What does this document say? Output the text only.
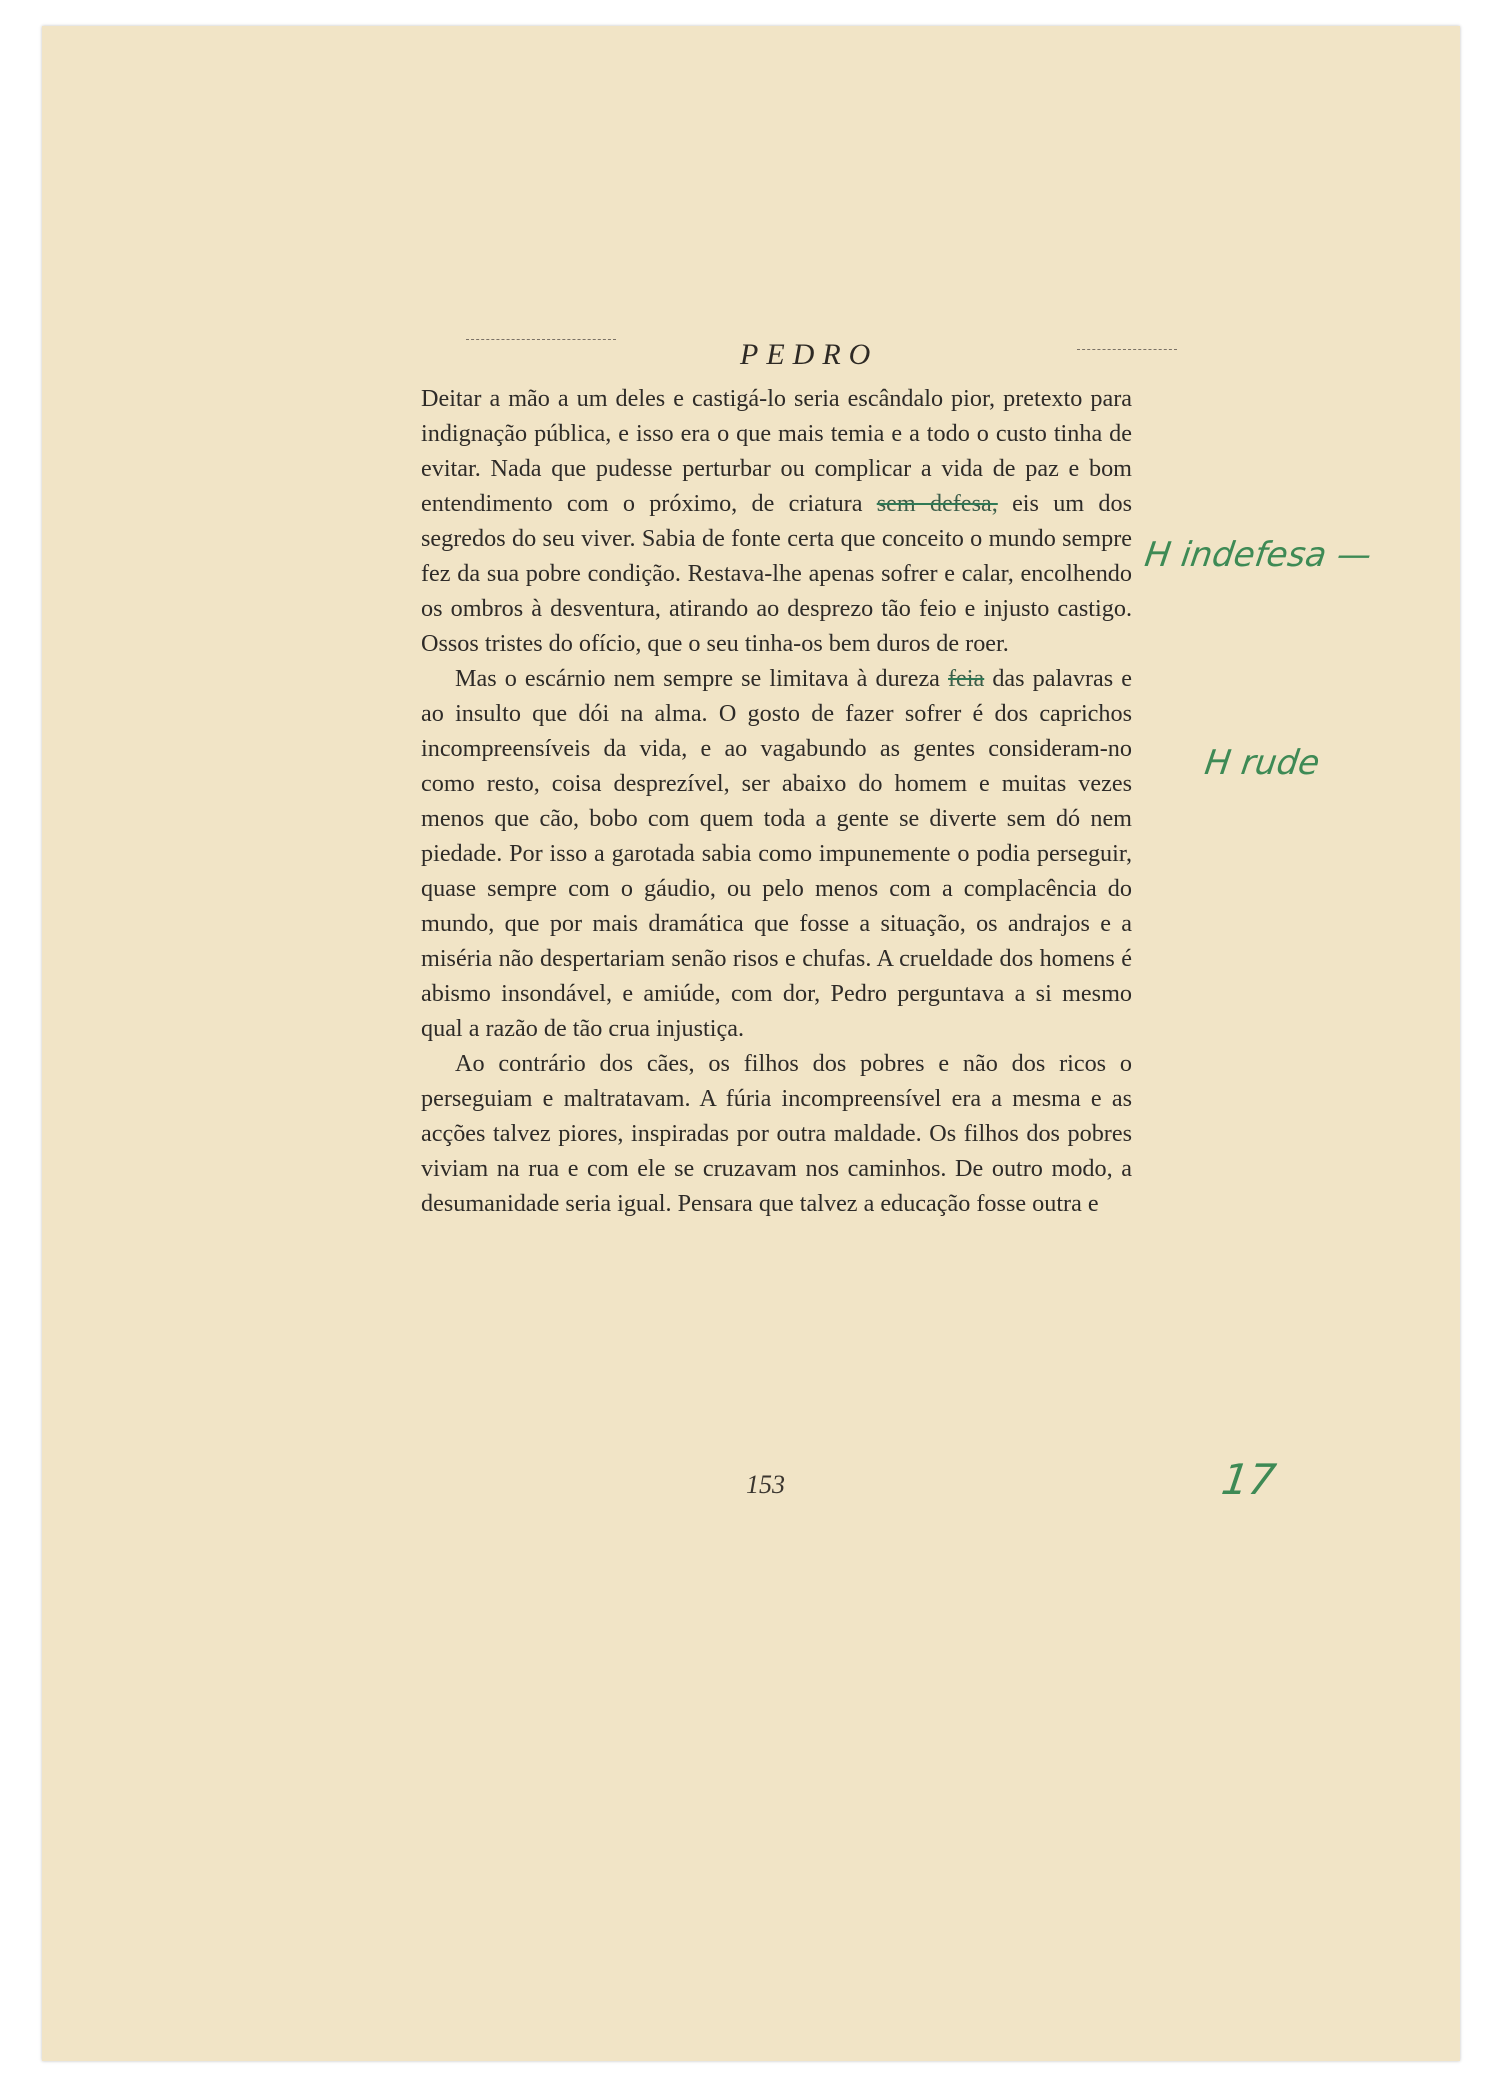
PEDRO

Deitar a mão a um deles e castigá-lo seria escândalo pior, pretexto para indignação pública, e isso era o que mais temia e a todo o custo tinha de evitar. Nada que pudesse perturbar ou complicar a vida de paz e bom entendimento com o próximo, de criatura sem defesa, eis um dos segredos do seu viver. Sabia de fonte certa que conceito o mundo sempre fez da sua pobre condição. Restava-lhe apenas sofrer e calar, encolhendo os ombros à desventura, atirando ao desprezo tão feio e injusto castigo. Ossos tristes do ofício, que o seu tinha-os bem duros de roer.

Mas o escárnio nem sempre se limitava à dureza feia das palavras e ao insulto que dói na alma. O gosto de fazer sofrer é dos caprichos incompreensíveis da vida, e ao vagabundo as gentes consideram-no como resto, coisa desprezível, ser abaixo do homem e muitas vezes menos que cão, bobo com quem toda a gente se diverte sem dó nem piedade. Por isso a garotada sabia como impunemente o podia perseguir, quase sempre com o gáudio, ou pelo menos com a complacência do mundo, que por mais dramática que fosse a situação, os andrajos e a miséria não despertariam senão risos e chufas. A crueldade dos homens é abismo insondável, e amiúde, com dor, Pedro perguntava a si mesmo qual a razão de tão crua injustiça.

Ao contrário dos cães, os filhos dos pobres e não dos ricos o perseguiam e maltratavam. A fúria incompreensível era a mesma e as acções talvez piores, inspiradas por outra maldade. Os filhos dos pobres viviam na rua e com ele se cruzavam nos caminhos. De outro modo, a desumanidade seria igual. Pensara que talvez a educação fosse outra e

153
H indefesa —
H rude
17
